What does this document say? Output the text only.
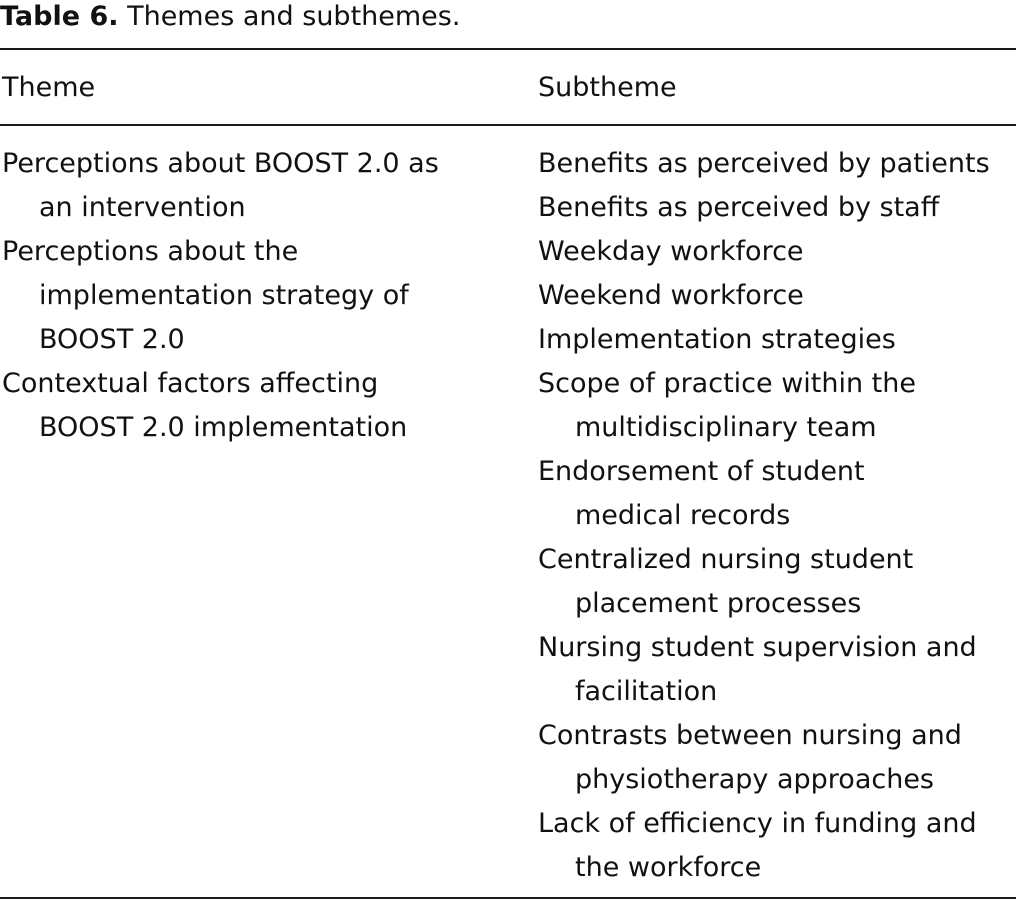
Table 6. Themes and subthemes.
Theme	Subtheme
Perceptions about BOOST 2.0 as
an intervention
Perceptions about the
implementation strategy of
BOOST 2.0
Contextual factors affecting
BOOST 2.0 implementation
Benefits as perceived by patients
Benefits as perceived by staff
Weekday workforce
Weekend workforce
Implementation strategies
Scope of practice within the
multidisciplinary team
Endorsement of student
medical records
Centralized nursing student
placement processes
Nursing student supervision and
facilitation
Contrasts between nursing and
physiotherapy approaches
Lack of efficiency in funding and
the workforce
